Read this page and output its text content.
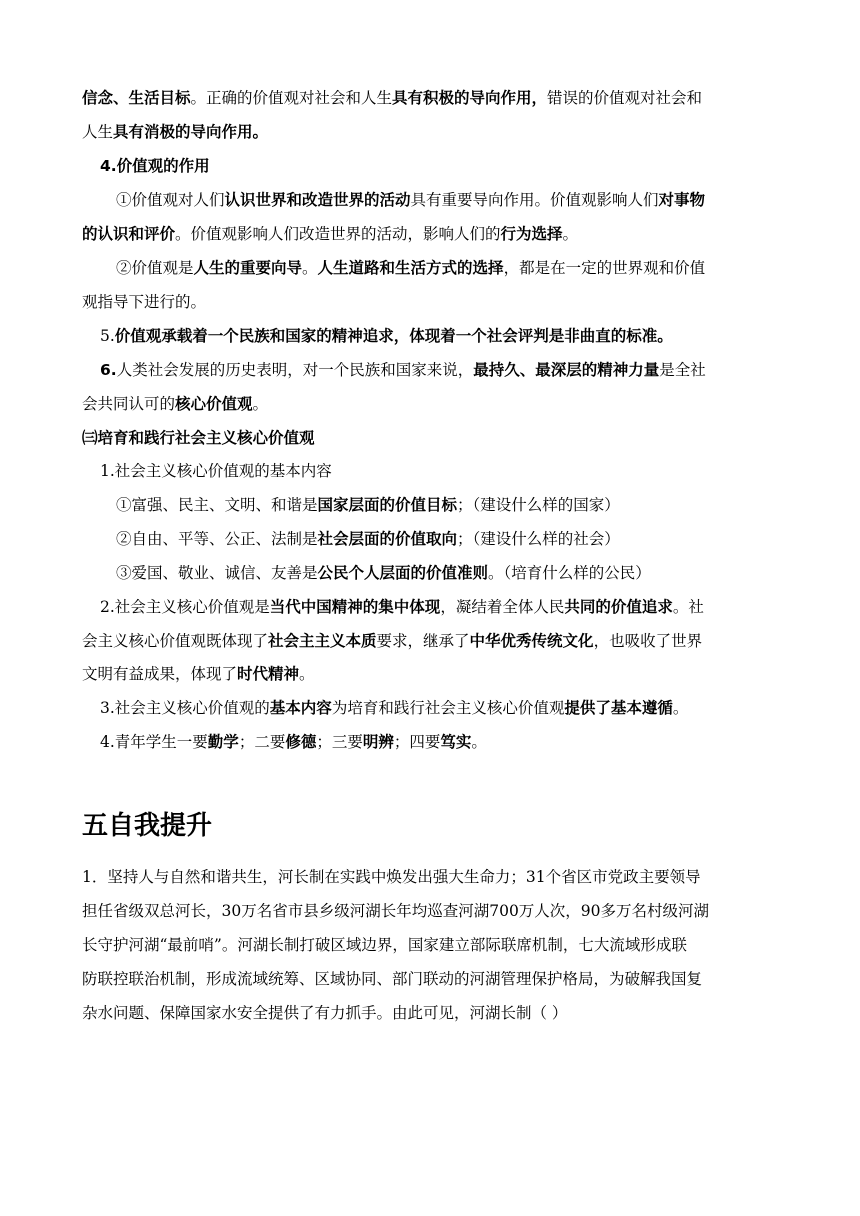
信念、生活目标。正确的价值观对社会和人生具有积极的导向作用，错误的价值观对社会和
人生具有消极的导向作用。
4.价值观的作用
①价值观对人们认识世界和改造世界的活动具有重要导向作用。价值观影响人们对事物
的认识和评价。价值观影响人们改造世界的活动，影响人们的行为选择。
②价值观是人生的重要向导。人生道路和生活方式的选择，都是在一定的世界观和价值
观指导下进行的。
5.价值观承载着一个民族和国家的精神追求，体现着一个社会评判是非曲直的标准。
6.人类社会发展的历史表明，对一个民族和国家来说，最持久、最深层的精神力量是全社
会共同认可的核心价值观。
㈢培育和践行社会主义核心价值观
1.社会主义核心价值观的基本内容
①富强、民主、文明、和谐是国家层面的价值目标；（建设什么样的国家）
②自由、平等、公正、法制是社会层面的价值取向；（建设什么样的社会）
③爱国、敬业、诚信、友善是公民个人层面的价值准则。（培育什么样的公民）
2.社会主义核心价值观是当代中国精神的集中体现，凝结着全体人民共同的价值追求。社
会主义核心价值观既体现了社会主主义本质要求，继承了中华优秀传统文化，也吸收了世界
文明有益成果，体现了时代精神。
3.社会主义核心价值观的基本内容为培育和践行社会主义核心价值观提供了基本遵循。
4.青年学生一要勤学；二要修德；三要明辨；四要笃实。
五自我提升
1．坚持人与自然和谐共生，河长制在实践中焕发出强大生命力；31个省区市党政主要领导
担任省级双总河长，30万名省市县乡级河湖长年均巡查河湖700万人次，90多万名村级河湖
长守护河湖“最前哨”。河湖长制打破区域边界，国家建立部际联席机制，七大流域形成联
防联控联治机制，形成流域统筹、区域协同、部门联动的河湖管理保护格局，为破解我国复
杂水问题、保障国家水安全提供了有力抓手。由此可见，河湖长制（ ）
